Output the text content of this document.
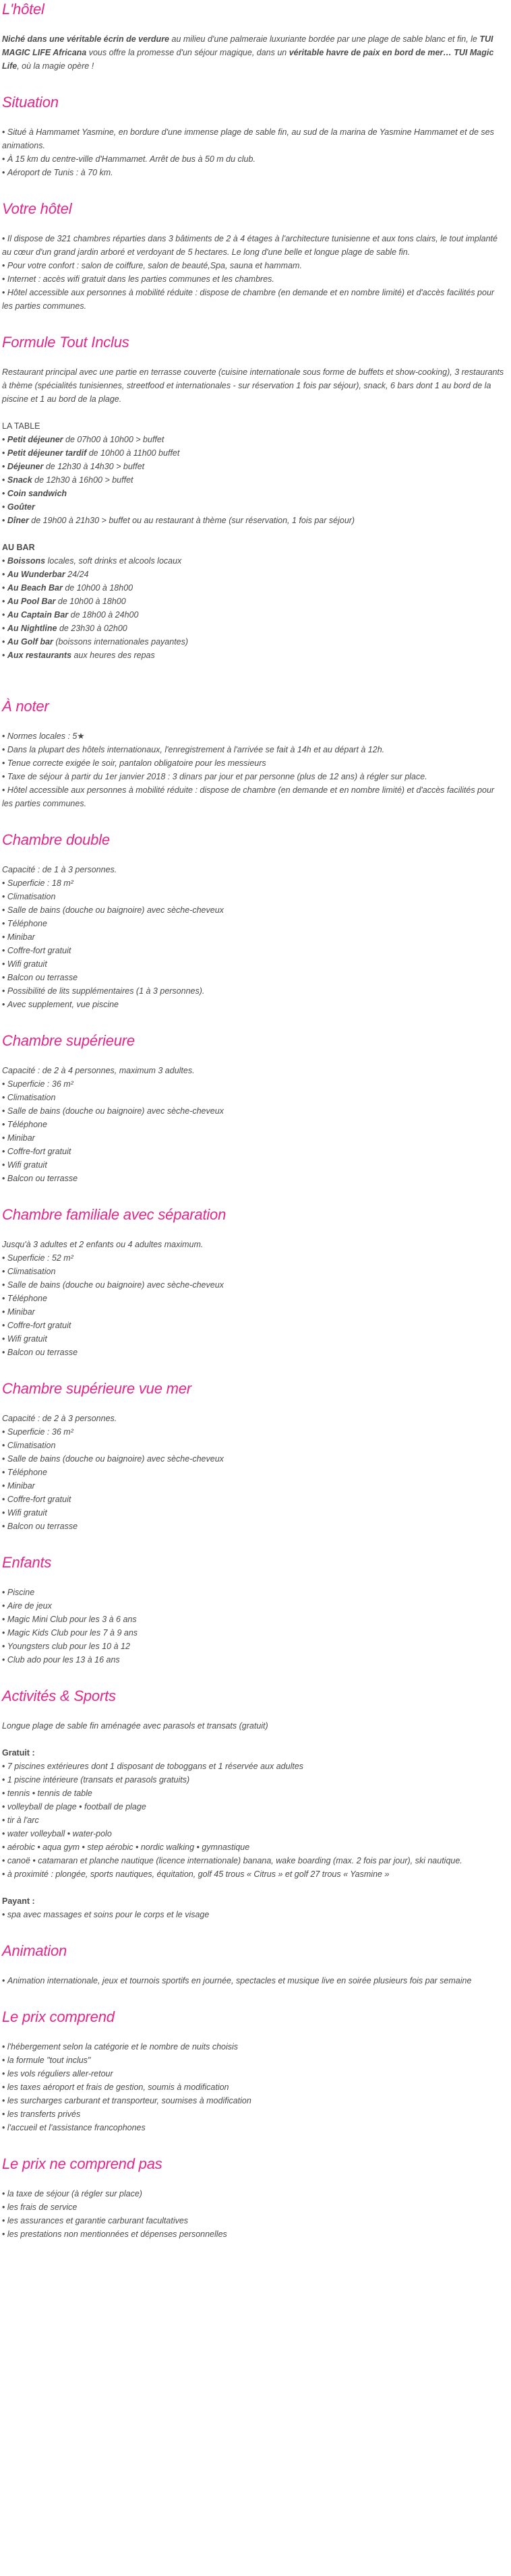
L'hôtel

Niché dans une véritable écrin de verdure au milieu d'une palmeraie luxuriante bordée par une plage de sable blanc et fin, le TUI MAGIC LIFE Africana vous offre la promesse d'un séjour magique, dans un véritable havre de paix en bord de mer… TUI Magic Life, où la magie opère !

Situation
• Situé à Hammamet Yasmine, en bordure d'une immense plage de sable fin, au sud de la marina de Yasmine Hammamet et de ses animations.
• À 15 km du centre-ville d'Hammamet. Arrêt de bus à 50 m du club.
• Aéroport de Tunis : à 70 km.
Votre hôtel
• Il dispose de 321 chambres réparties dans 3 bâtiments de 2 à 4 étages à l'architecture tunisienne et aux tons clairs, le tout implanté au cœur d'un grand jardin arboré et verdoyant de 5 hectares. Le long d'une belle et longue plage de sable fin.
• Pour votre confort : salon de coiffure, salon de beauté,Spa, sauna et hammam.
• Internet : accès wifi gratuit dans les parties communes et les chambres.
• Hôtel accessible aux personnes à mobilité réduite : dispose de chambre (en demande et en nombre limité) et d'accès facilités pour les parties communes.
Formule Tout Inclus

Restaurant principal avec une partie en terrasse couverte (cuisine internationale sous forme de buffets et show-cooking), 3 restaurants à thème (spécialités tunisiennes, streetfood et internationales - sur réservation 1 fois par séjour), snack, 6 bars dont 1 au bord de la piscine et 1 au bord de la plage.

LA TABLE

• Petit déjeuner de 07h00 à 10h00 > buffet
• Petit déjeuner tardif de 10h00 à 11h00 buffet
• Déjeuner de 12h30 à 14h30 > buffet
• Snack de 12h30 à 16h00 > buffet
• Coin sandwich
• Goûter
• Dîner de 19h00 à 21h30 > buffet ou au restaurant à thème (sur réservation, 1 fois par séjour)

AU BAR

• Boissons locales, soft drinks et alcools locaux
• Au Wunderbar 24/24
• Au Beach Bar de 10h00 à 18h00
• Au Pool Bar de 10h00 à 18h00
• Au Captain Bar de 18h00 à 24h00
• Au Nightline de 23h30 à 02h00
• Au Golf bar (boissons internationales payantes)
• Aux restaurants aux heures des repas
À noter
• Normes locales : 5★
• Dans la plupart des hôtels internationaux, l'enregistrement à l'arrivée se fait à 14h et au départ à 12h.
• Tenue correcte exigée le soir, pantalon obligatoire pour les messieurs
• Taxe de séjour à partir du 1er janvier 2018 : 3 dinars par jour et par personne (plus de 12 ans) à régler sur place.
• Hôtel accessible aux personnes à mobilité réduite : dispose de chambre (en demande et en nombre limité) et d'accès facilités pour les parties communes.
Chambre double

Capacité : de 1 à 3 personnes.

• Superficie : 18 m²
• Climatisation
• Salle de bains (douche ou baignoire) avec sèche-cheveux
• Téléphone
• Minibar
• Coffre-fort gratuit
• Wifi gratuit
• Balcon ou terrasse
• Possibilité de lits supplémentaires (1 à 3 personnes).
• Avec supplement, vue piscine
Chambre supérieure

Capacité : de 2 à 4 personnes, maximum 3 adultes.

• Superficie : 36 m²
• Climatisation
• Salle de bains (douche ou baignoire) avec sèche-cheveux
• Téléphone
• Minibar
• Coffre-fort gratuit
• Wifi gratuit
• Balcon ou terrasse
Chambre familiale avec séparation

Jusqu'à 3 adultes et 2 enfants ou 4 adultes maximum.

• Superficie : 52 m²
• Climatisation
• Salle de bains (douche ou baignoire) avec sèche-cheveux
• Téléphone
• Minibar
• Coffre-fort gratuit
• Wifi gratuit
• Balcon ou terrasse
Chambre supérieure vue mer

Capacité : de 2 à 3 personnes.

• Superficie : 36 m²
• Climatisation
• Salle de bains (douche ou baignoire) avec sèche-cheveux
• Téléphone
• Minibar
• Coffre-fort gratuit
• Wifi gratuit
• Balcon ou terrasse
Enfants
• Piscine
• Aire de jeux
• Magic Mini Club pour les 3 à 6 ans
• Magic Kids Club pour les 7 à 9 ans
• Youngsters club pour les 10 à 12
• Club ado pour les 13 à 16 ans
Activités & Sports

Longue plage de sable fin aménagée avec parasols et transats (gratuit)

Gratuit :

• 7 piscines extérieures dont 1 disposant de toboggans et 1 réservée aux adultes
• 1 piscine intérieure (transats et parasols gratuits)
• tennis • tennis de table
• volleyball de plage • football de plage
• tir à l'arc
• water volleyball • water-polo
• aérobic • aqua gym • step aérobic • nordic walking • gymnastique
• canoë • catamaran et planche nautique (licence internationale) banana, wake boarding (max. 2 fois par jour), ski nautique.
• à proximité : plongée, sports nautiques, équitation, golf 45 trous « Citrus » et golf 27 trous « Yasmine »

Payant :

• spa avec massages et soins pour le corps et le visage
Animation
• Animation internationale, jeux et tournois sportifs en journée, spectacles et musique live en soirée plusieurs fois par semaine
Le prix comprend
• l'hébergement selon la catégorie et le nombre de nuits choisis
• la formule "tout inclus"
• les vols réguliers aller-retour
• les taxes aéroport et frais de gestion, soumis à modification
• les surcharges carburant et transporteur, soumises à modification
• les transferts privés
• l'accueil et l'assistance francophones
Le prix ne comprend pas
• la taxe de séjour (à régler sur place)
• les frais de service
• les assurances et garantie carburant facultatives
• les prestations non mentionnées et dépenses personnelles
